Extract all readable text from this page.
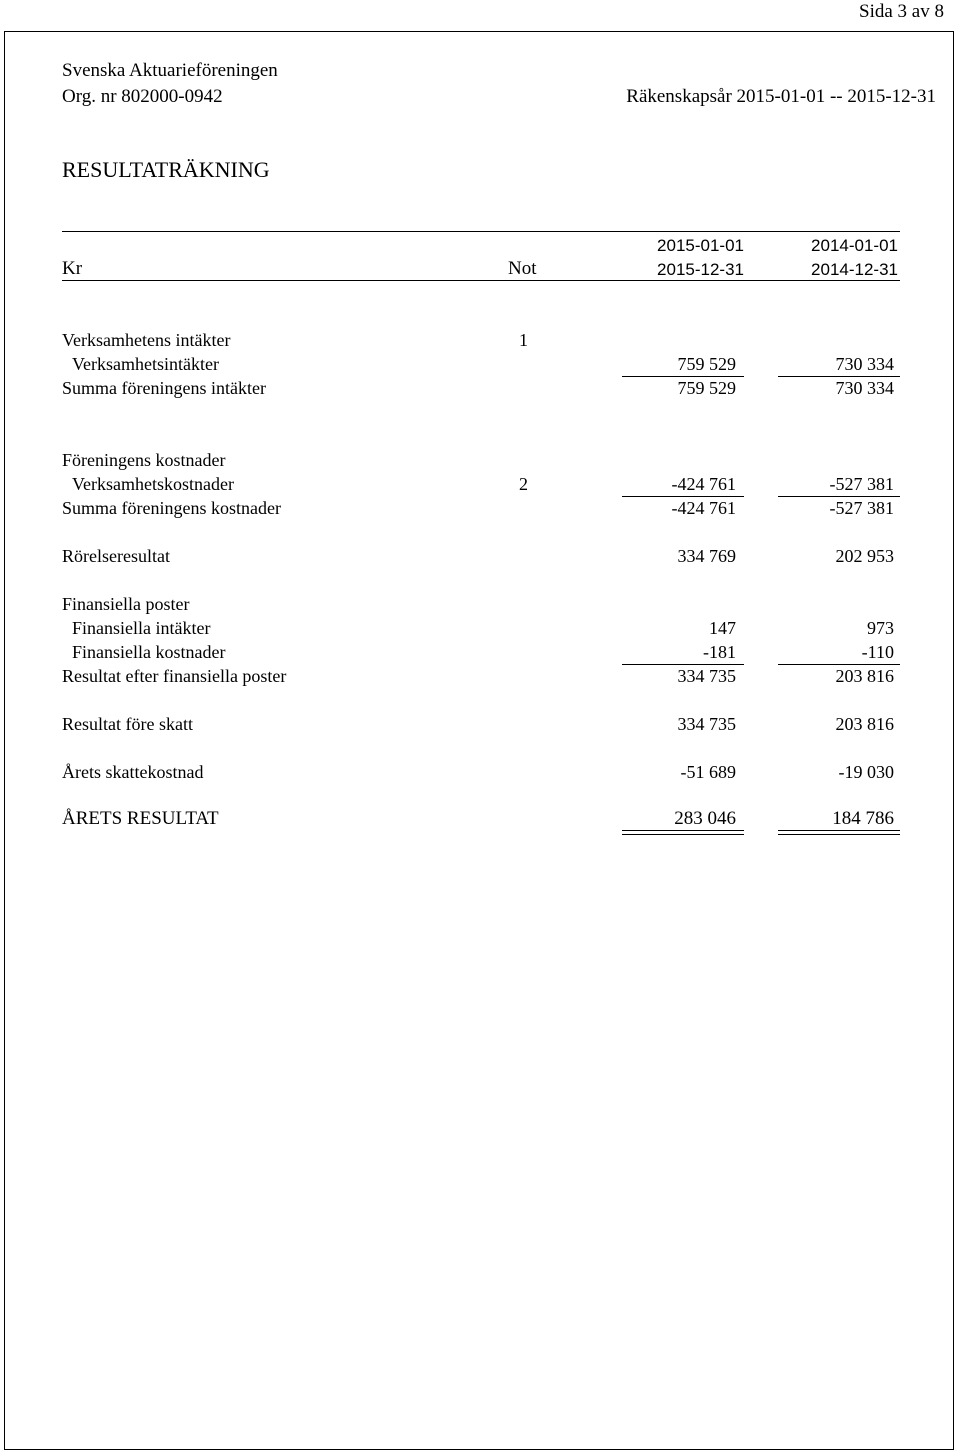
Sida 3 av 8
Svenska Aktuarieföreningen
Org. nr 802000-0942	Räkenskapsår 2015-01-01 -- 2015-12-31
RESULTATRÄKNING
2015-01-01	2014-01-01
Kr	Not	2015-12-31	2014-12-31
Verksamhetens intäkter	1
Verksamhetsintäkter	759 529	730 334
Summa föreningens intäkter	759 529	730 334
Föreningens kostnader
Verksamhetskostnader	2	-424 761	-527 381
Summa föreningens kostnader	-424 761	-527 381
Rörelseresultat	334 769	202 953
Finansiella poster
Finansiella intäkter	147	973
Finansiella kostnader	-181	-110
Resultat efter finansiella poster	334 735	203 816
Resultat före skatt	334 735	203 816
Årets skattekostnad	-51 689	-19 030
ÅRETS RESULTAT	283 046	184 786
